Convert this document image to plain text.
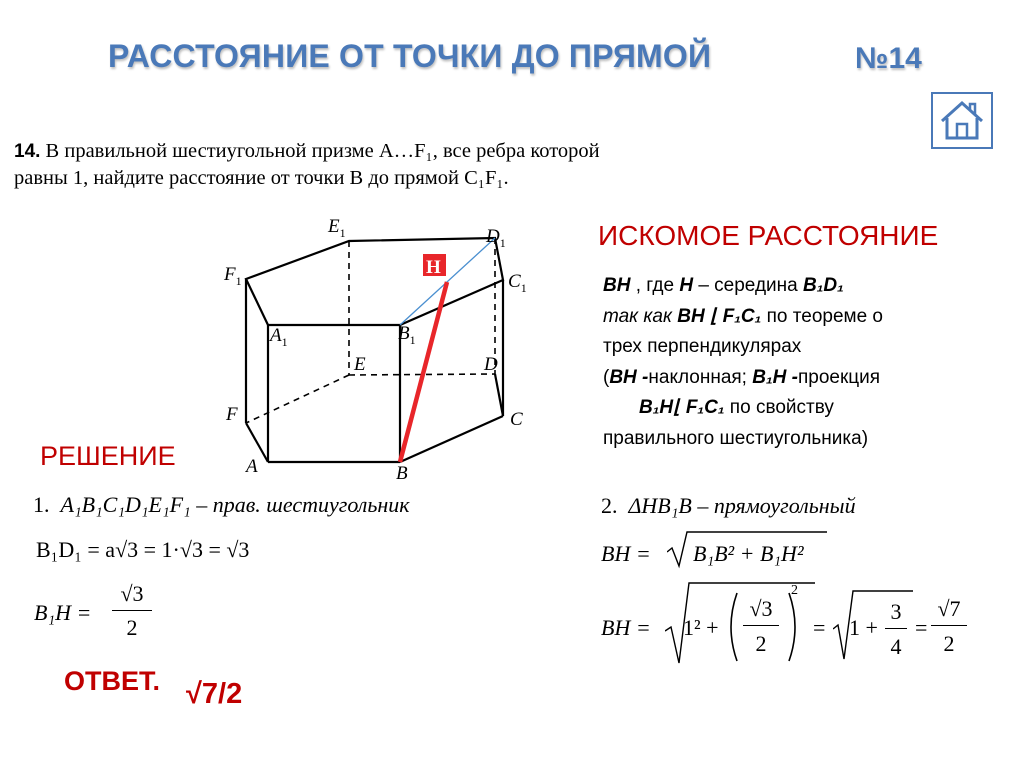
РАССТОЯНИЕ ОТ ТОЧКИ ДО ПРЯМОЙ	№14
14. В правильной шестиугольной призме A…F₁, все ребра которой
равны 1, найдите расстояние от точки B до прямой C₁F₁.
H
$E_1$	$D_1$
$F_1$	$C_1$
$A_1$	$B_1$
E	D
F	C
A	B
ИСКОМОЕ РАССТОЯНИЕ

BH , где H – середина B₁D₁

так как BH ⌊ F₁C₁ по теореме о

трех перпендикулярах

(BH -наклонная; B₁H -проекция

B₁H⌊ F₁C₁ по свойству

правильного шестиугольника)

РЕШЕНИЕ
1. A₁B₁C₁D₁E₁F₁ – прав. шестиугольник
B₁D₁ = a√3 = 1·√3 = √3
B₁H =
√3
2
2. ΔHB₁B – прямоугольный
BH = B₁B² + B₁H²
BH = 1² +
√3
2
2
= 1 +
3
4
=
√7
2
ОТВЕТ. √7/2
